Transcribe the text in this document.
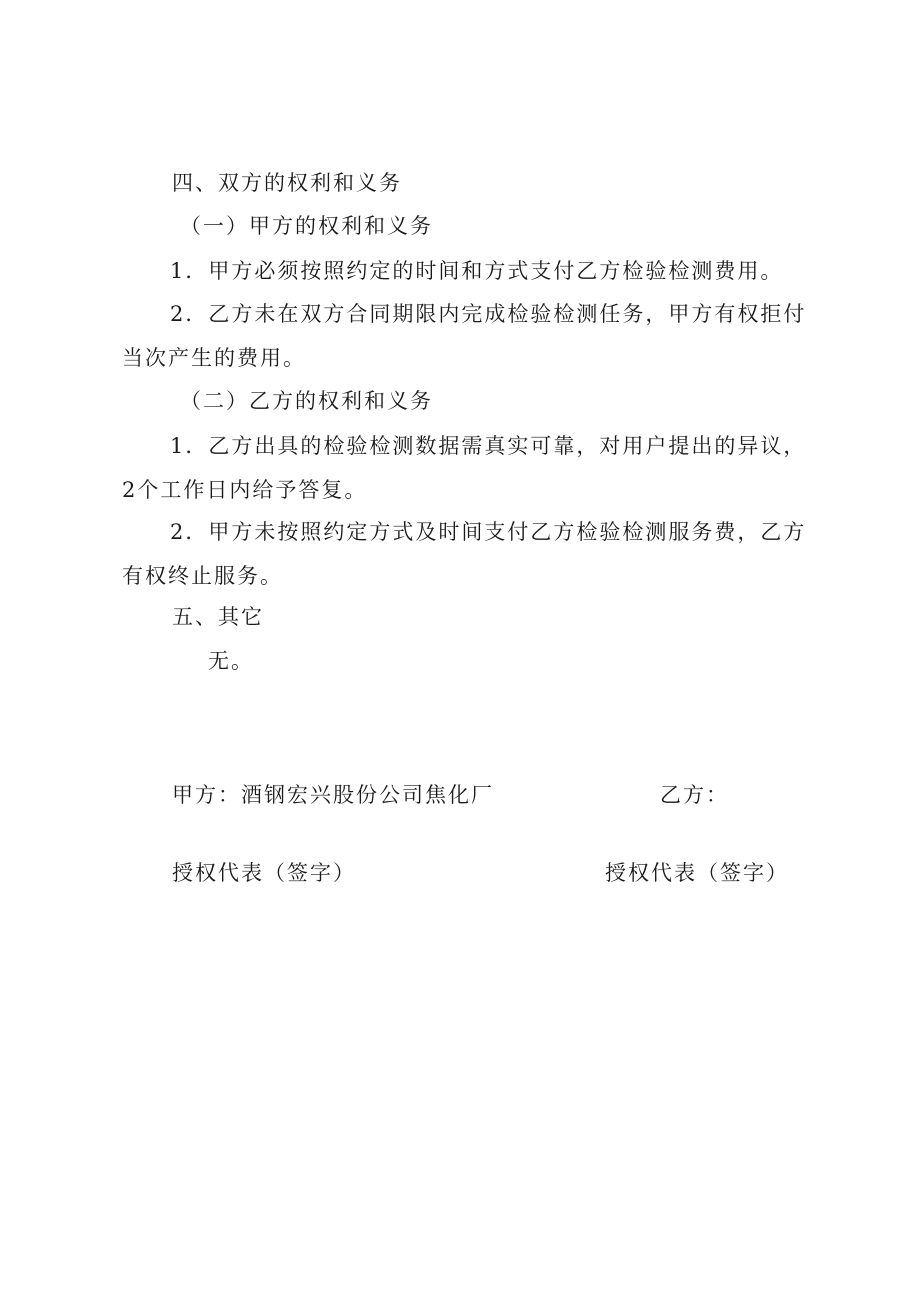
四、双方的权利和义务
（一）甲方的权利和义务
1．甲方必须按照约定的时间和方式支付乙方检验检测费用。
2．乙方未在双方合同期限内完成检验检测任务，甲方有权拒付当次产生的费用。
（二）乙方的权利和义务
1．乙方出具的检验检测数据需真实可靠，对用户提出的异议，2个工作日内给予答复。
2．甲方未按照约定方式及时间支付乙方检验检测服务费，乙方有权终止服务。
五、其它
无。
甲方：酒钢宏兴股份公司焦化厂	乙方：
授权代表（签字）	授权代表（签字）
